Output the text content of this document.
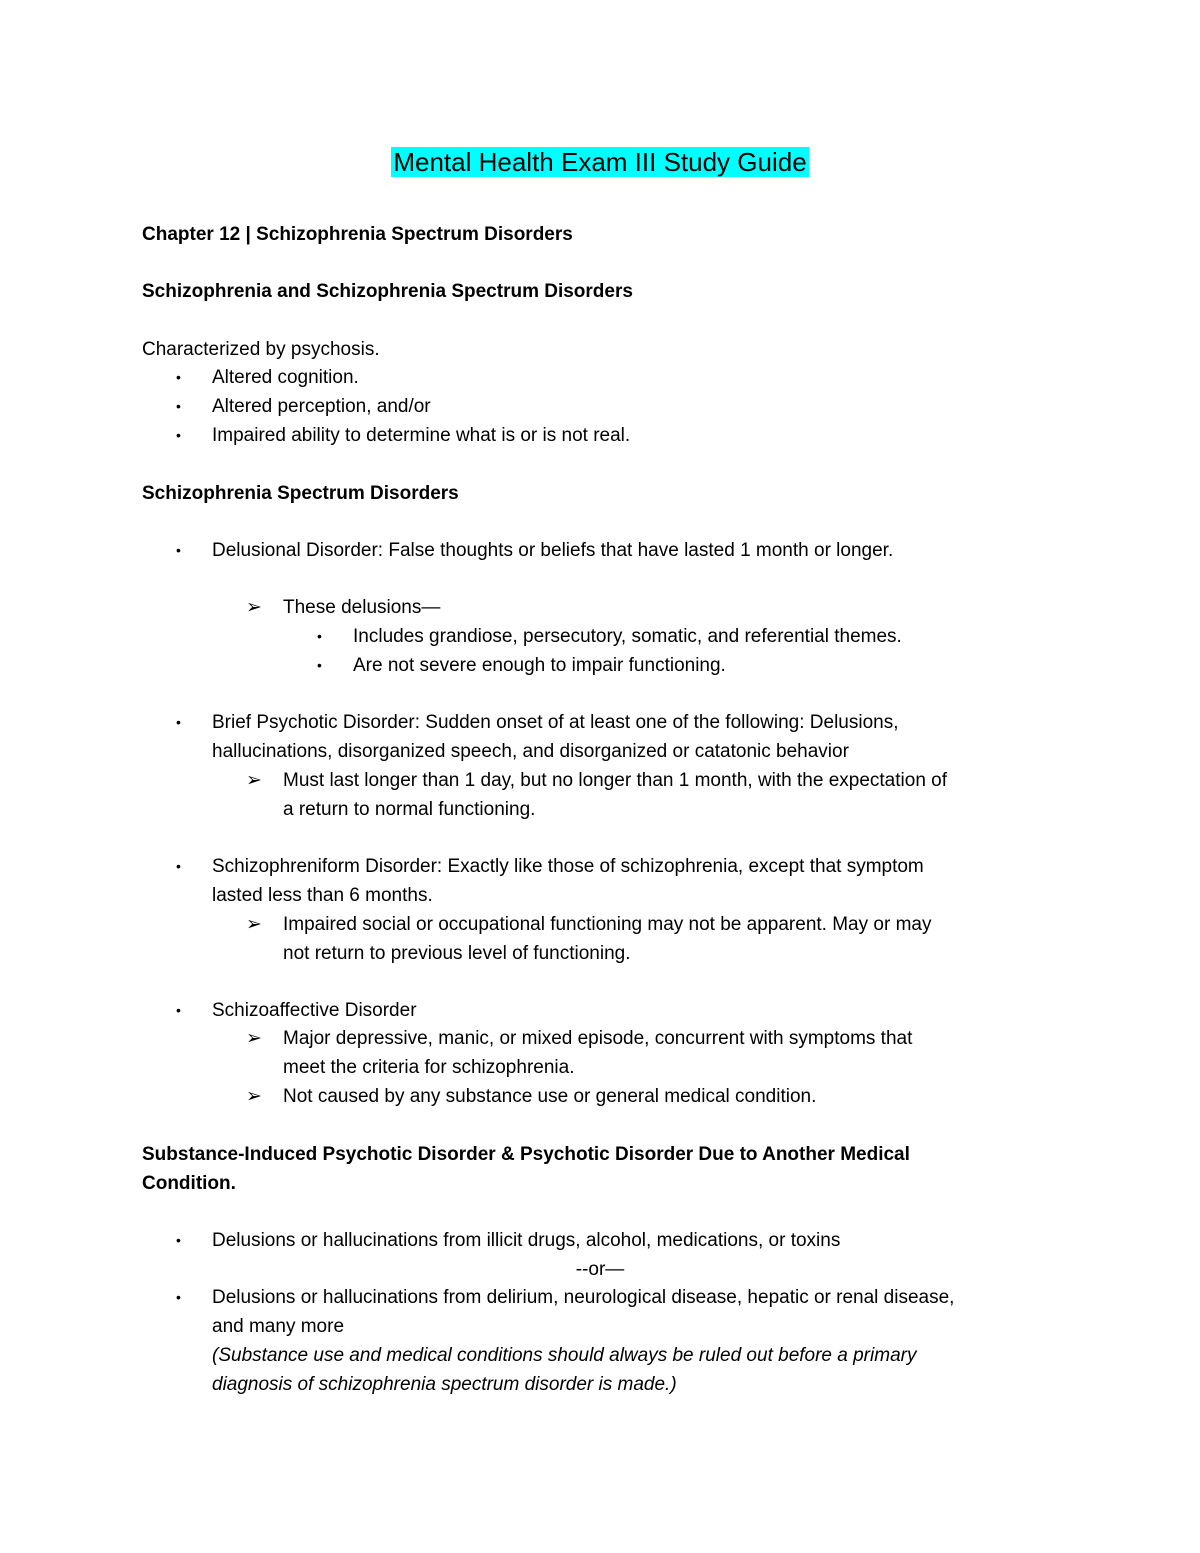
Mental Health Exam III Study Guide
Chapter 12 | Schizophrenia Spectrum Disorders
Schizophrenia and Schizophrenia Spectrum Disorders
Characterized by psychosis.
• Altered cognition.
• Altered perception, and/or
• Impaired ability to determine what is or is not real.
Schizophrenia Spectrum Disorders
• Delusional Disorder: False thoughts or beliefs that have lasted 1 month or longer.
➢ These delusions—
• Includes grandiose, persecutory, somatic, and referential themes.
• Are not severe enough to impair functioning.
• Brief Psychotic Disorder: Sudden onset of at least one of the following: Delusions,
hallucinations, disorganized speech, and disorganized or catatonic behavior
➢ Must last longer than 1 day, but no longer than 1 month, with the expectation of
a return to normal functioning.
• Schizophreniform Disorder: Exactly like those of schizophrenia, except that symptom
lasted less than 6 months.
➢ Impaired social or occupational functioning may not be apparent. May or may
not return to previous level of functioning.
• Schizoaffective Disorder
➢ Major depressive, manic, or mixed episode, concurrent with symptoms that
meet the criteria for schizophrenia.
➢ Not caused by any substance use or general medical condition.
Substance-Induced Psychotic Disorder & Psychotic Disorder Due to Another Medical
Condition.
• Delusions or hallucinations from illicit drugs, alcohol, medications, or toxins
--or—
• Delusions or hallucinations from delirium, neurological disease, hepatic or renal disease,
and many more
(Substance use and medical conditions should always be ruled out before a primary
diagnosis of schizophrenia spectrum disorder is made.)
